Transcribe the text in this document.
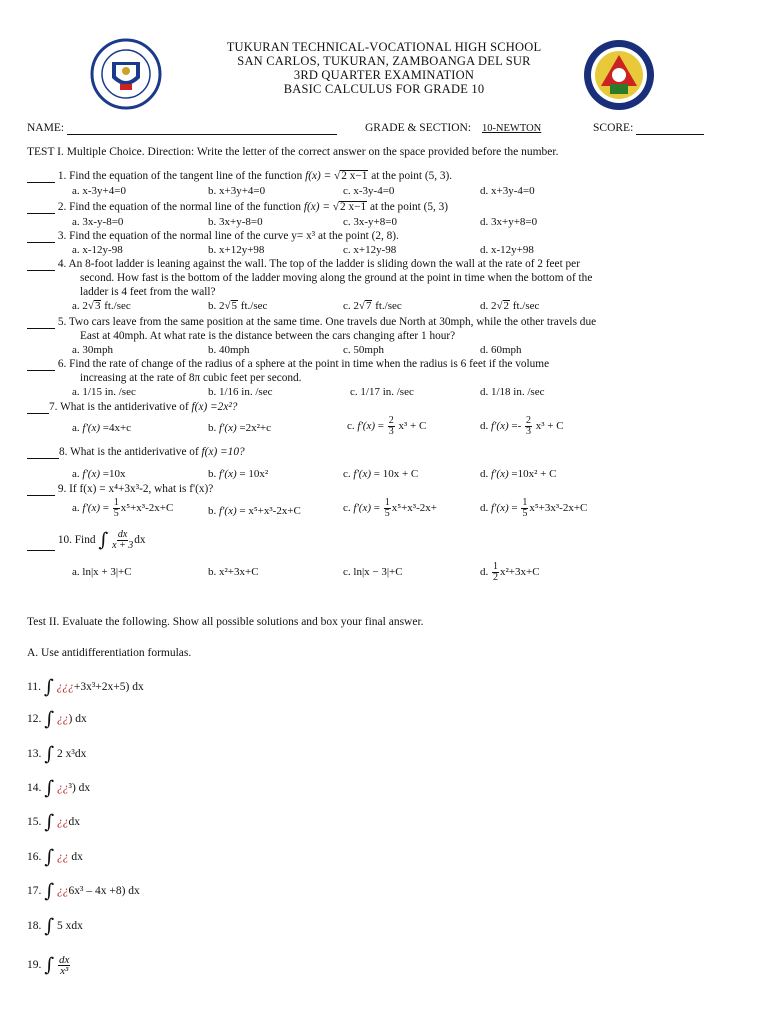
TUKURAN TECHNICAL-VOCATIONAL HIGH SCHOOL
SAN CARLOS, TUKURAN, ZAMBOANGA DEL SUR
3RD QUARTER EXAMINATION
BASIC CALCULUS FOR GRADE 10
NAME:	GRADE & SECTION: 10-NEWTON	SCORE:
TEST I. Multiple Choice. Direction: Write the letter of the correct answer on the space provided before the number.
1. Find the equation of the tangent line of the function f(x) = √2 x−1 at the point (5, 3).
a. x-3y+4=0	b. x+3y+4=0	c. x-3y-4=0	d. x+3y-4=0
2. Find the equation of the normal line of the function f(x) = √2 x−1 at the point (5, 3)
a. 3x-y-8=0	b. 3x+y-8=0	c. 3x-y+8=0	d. 3x+y+8=0
3. Find the equation of the normal line of the curve y= x³ at the point (2, 8).
a. x-12y-98	b. x+12y+98	c. x+12y-98	d. x-12y+98
4. An 8-foot ladder is leaning against the wall. The top of the ladder is sliding down the wall at the rate of 2 feet per
second. How fast is the bottom of the ladder moving along the ground at the point in time when the bottom of the
ladder is 4 feet from the wall?
a. 2√3 ft./sec	b. 2√5 ft./sec	c. 2√7 ft./sec	d. 2√2 ft./sec
5. Two cars leave from the same position at the same time. One travels due North at 30mph, while the other travels due
East at 40mph. At what rate is the distance between the cars changing after 1 hour?
a. 30mph	b. 40mph	c. 50mph	d. 60mph
6. Find the rate of change of the radius of a sphere at the point in time when the radius is 6 feet if the volume
increasing at the rate of 8π cubic feet per second.
a. 1/15 in. /sec	b. 1/16 in. /sec	c. 1/17 in. /sec	d. 1/18 in. /sec
7. What is the antiderivative of f(x) =2x²?
a. f'(x) =4x+c	b. f'(x) =2x²+c	c. $f'(x) = \frac{2}{3} x^3 + C$	d. $f'(x) =- \frac{2}{3} x^3 + C$
8. What is the antiderivative of f(x) =10?
a. f'(x) =10x	b. f'(x) = 10x²	c. f'(x) = 10x + C	d. f'(x) =10x² + C
9. If f(x) = x⁴+3x³-2, what is f'(x)?
a. $f'(x) = \frac{1}{5} x^5+x^3-2x+C$	b. f'(x) = x⁵+x³-2x+C	c. $f'(x) = \frac{1}{5} x^5+x^3-2x+$	d. $f'(x) = \frac{1}{5} x^5+3x^3-2x+C$
10. Find ∫ $\frac{dx}{x + 3}$ dx
a. ln|x + 3|+C	b. x²+3x+C	c. ln|x − 3|+C	d. $\frac{1}{2} x^2+3x+C$
Test II. Evaluate the following. Show all possible solutions and box your final answer.
A. Use antidifferentiation formulas.
11. ∫ ¿¿¿+3x³+2x+5) dx
12. ∫ ¿¿) dx
13. ∫ 2 x³dx
14. ∫ ¿¿³) dx
15. ∫ ¿¿dx
16. ∫ ¿¿ dx
17. ∫ ¿¿6x³ – 4x +8) dx
18. ∫ 5 xdx
19. ∫ $\frac{dx}{\text{x³}}$
